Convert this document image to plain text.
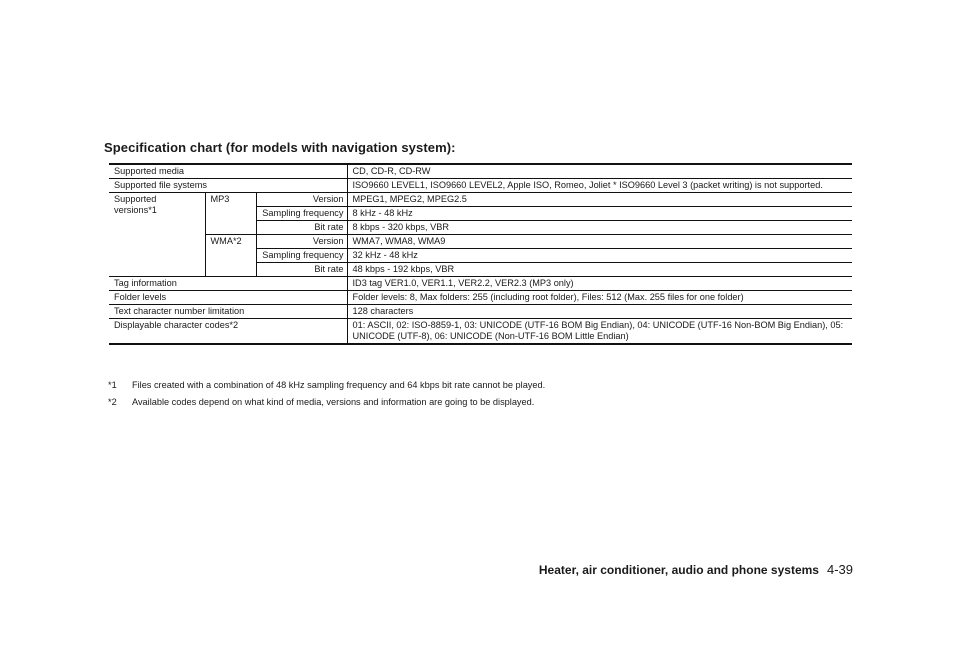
Specification chart (for models with navigation system):
Supported media			CD, CD-R, CD-RW
Supported file systems			ISO9660 LEVEL1, ISO9660 LEVEL2, Apple ISO, Romeo, Joliet * ISO9660 Level 3 (packet writing) is not supported.
Supported versions*1	MP3	Version	MPEG1, MPEG2, MPEG2.5
		Sampling frequency	8 kHz - 48 kHz
		Bit rate	8 kbps - 320 kbps, VBR
	WMA*2	Version	WMA7, WMA8, WMA9
		Sampling frequency	32 kHz - 48 kHz
		Bit rate	48 kbps - 192 kbps, VBR
Tag information			ID3 tag VER1.0, VER1.1, VER2.2, VER2.3 (MP3 only)
Folder levels			Folder levels: 8, Max folders: 255 (including root folder), Files: 512 (Max. 255 files for one folder)
Text character number limitation			128 characters
Displayable character codes*2			01: ASCII, 02: ISO-8859-1, 03: UNICODE (UTF-16 BOM Big Endian), 04: UNICODE (UTF-16 Non-BOM Big Endian), 05: UNICODE (UTF-8), 06: UNICODE (Non-UTF-16 BOM Little Endian)
*1	Files created with a combination of 48 kHz sampling frequency and 64 kbps bit rate cannot be played.
*2	Available codes depend on what kind of media, versions and information are going to be displayed.
Heater, air conditioner, audio and phone systems 4-39
